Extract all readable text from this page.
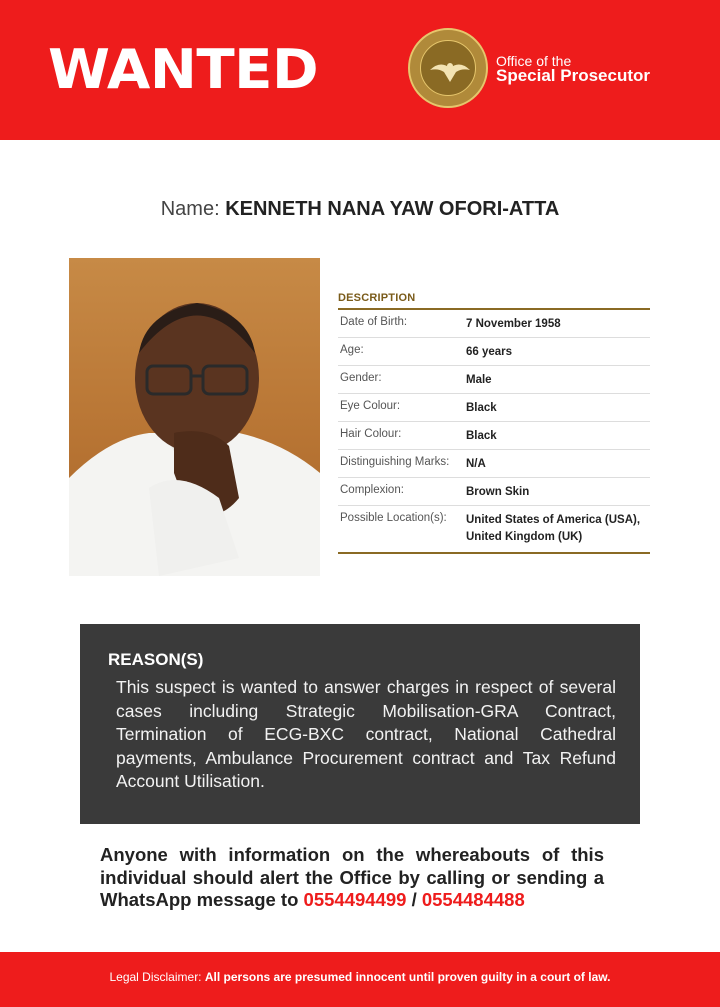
WANTED	Office of the
Special Prosecutor
Name: KENNETH NANA YAW OFORI-ATTA
DESCRIPTION
Date of Birth:	7 November 1958
Age:	66 years
Gender:	Male
Eye Colour:	Black
Hair Colour:	Black
Distinguishing Marks:	N/A
Complexion:	Brown Skin
Possible Location(s):	United States of America (USA),
United Kingdom (UK)
REASON(S)
This suspect is wanted to answer charges in respect of several cases including Strategic Mobilisation-GRA Contract, Termination of ECG-BXC contract, National Cathedral payments, Ambulance Procurement contract and Tax Refund Account Utilisation.
Anyone with information on the whereabouts of this individual should alert the Office by calling or sending a WhatsApp message to 0554494499 / 0554484488
Legal Disclaimer: All persons are presumed innocent until proven guilty in a court of law.
